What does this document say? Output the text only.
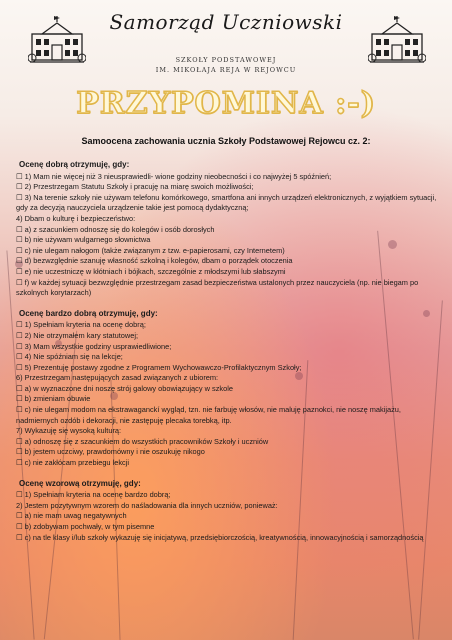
Samorząd Uczniowski
SZKOŁY PODSTAWOWEJ
IM. MIKOŁAJA REJA W REJOWCU
PRZYPOMINA :-)
Samoocena zachowania ucznia Szkoły Podstawowej Rejowcu cz. 2:
Ocenę dobrą otrzymuję, gdy:
☐ 1) Mam nie więcej niż 3 nieusprawiedli- wione godziny nieobecności i co najwyżej 5 spóźnień;
☐ 2) Przestrzegam Statutu Szkoły i pracuję na miarę swoich możliwości;
☐ 3) Na terenie szkoły nie używam telefonu komórkowego, smartfona ani innych urządzeń elektronicznych, z wyjątkiem sytuacji, gdy za decyzją nauczyciela urządzenie takie jest pomocą dydaktyczną;
4) Dbam o kulturę i bezpieczeństwo:
☐ a) z szacunkiem odnoszę się do kolegów i osób dorosłych
☐ b) nie używam wulgarnego słownictwa
☐ c) nie ulegam nałogom (także związanym z tzw. e-papierosami, czy Internetem)
☐ d) bezwzględnie szanuję własność szkolną i kolegów, dbam o porządek otoczenia
☐ e) nie uczestniczę w kłótniach i bójkach, szczególnie z młodszymi lub słabszymi
☐ f) w każdej sytuacji bezwzględnie przestrzegam zasad bezpieczeństwa ustalonych przez nauczyciela (np. nie biegam po szkolnych korytarzach)
Ocenę bardzo dobrą otrzymuję, gdy:
☐ 1) Spełniam kryteria na ocenę dobrą;
☐ 2) Nie otrzymałem kary statutowej;
☐ 3) Mam wszystkie godziny usprawiedliwione;
☐ 4) Nie spóźniam się na lekcje;
☐ 5) Prezentuję postawy zgodne z Programem Wychowawczo-Profilaktycznym Szkoły;
6) Przestrzegam następujących zasad związanych z ubiorem:
☐ a) w wyznaczone dni noszę strój galowy obowiązujący w szkole
☐ b) zmieniam obuwie
☐ c) nie ulegam modom na ekstrawaganckí wygląd, tzn. nie farbuję włosów, nie maluję paznokci, nie noszę makijażu, nadmiernych ozdób i dekoracji, nie zastępuję plecaka torebką, itp.
7) Wykazuję się wysoką kulturą:
☐ a) odnoszę się z szacunkiem do wszystkich pracowników Szkoły i uczniów
☐ b) jestem uczciwy, prawdomówny i nie oszukuję nikogo
☐ c) nie zakłócam przebiegu lekcji
Ocenę wzorową otrzymuję, gdy:
☐ 1) Spełniam kryteria na ocenę bardzo dobrą;
2) Jestem pozytywnym wzorem do naśladowania dla innych uczniów, ponieważ:
☐ a) nie mam uwag negatywnych
☐ b) zdobywam pochwały, w tym pisemne
☐ c) na tle klasy i/lub szkoły wykazuję się inicjatywą, przedsiębiorczością, kreatywnością, innowacyjnością i samorządnością
